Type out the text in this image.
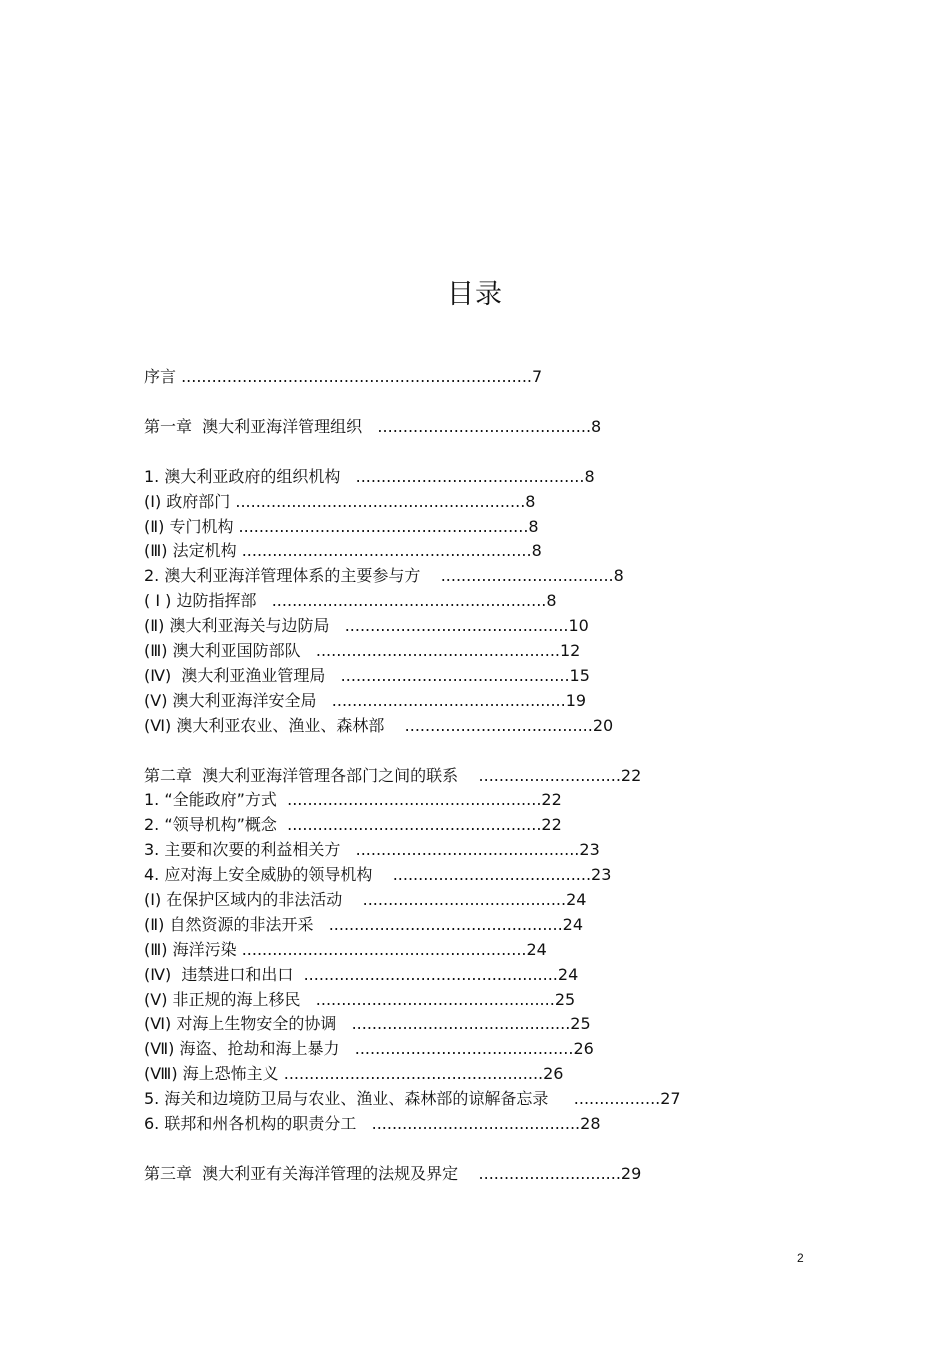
目录
序言 .....................................................................7
第一章  澳大利亚海洋管理组织   ..........................................8
1. 澳大利亚政府的组织机构   .............................................8
(Ⅰ) 政府部门 .........................................................8
(Ⅱ) 专门机构 .........................................................8
(Ⅲ) 法定机构 .........................................................8
2. 澳大利亚海洋管理体系的主要参与方    ..................................8
( Ⅰ ) 边防指挥部   ......................................................8
(Ⅱ) 澳大利亚海关与边防局   ............................................10
(Ⅲ) 澳大利亚国防部队   ................................................12
(Ⅳ)  澳大利亚渔业管理局   .............................................15
(Ⅴ) 澳大利亚海洋安全局   ..............................................19
(Ⅵ) 澳大利亚农业、渔业、森林部    .....................................20
第二章  澳大利亚海洋管理各部门之间的联系    ............................22
1. “全能政府”方式  ..................................................22
2. “领导机构”概念  ..................................................22
3. 主要和次要的利益相关方   ............................................23
4. 应对海上安全威胁的领导机构    .......................................23
(Ⅰ) 在保护区域内的非法活动    ........................................24
(Ⅱ) 自然资源的非法开采   ..............................................24
(Ⅲ) 海洋污染 ........................................................24
(Ⅳ)  违禁进口和出口  ..................................................24
(Ⅴ) 非正规的海上移民   ...............................................25
(Ⅵ) 对海上生物安全的协调   ...........................................25
(Ⅶ) 海盗、抢劫和海上暴力   ...........................................26
(Ⅷ) 海上恐怖主义 ...................................................26
5. 海关和边境防卫局与农业、渔业、森林部的谅解备忘录     .................27
6. 联邦和州各机构的职责分工   .........................................28
第三章  澳大利亚有关海洋管理的法规及界定    ............................29
2
